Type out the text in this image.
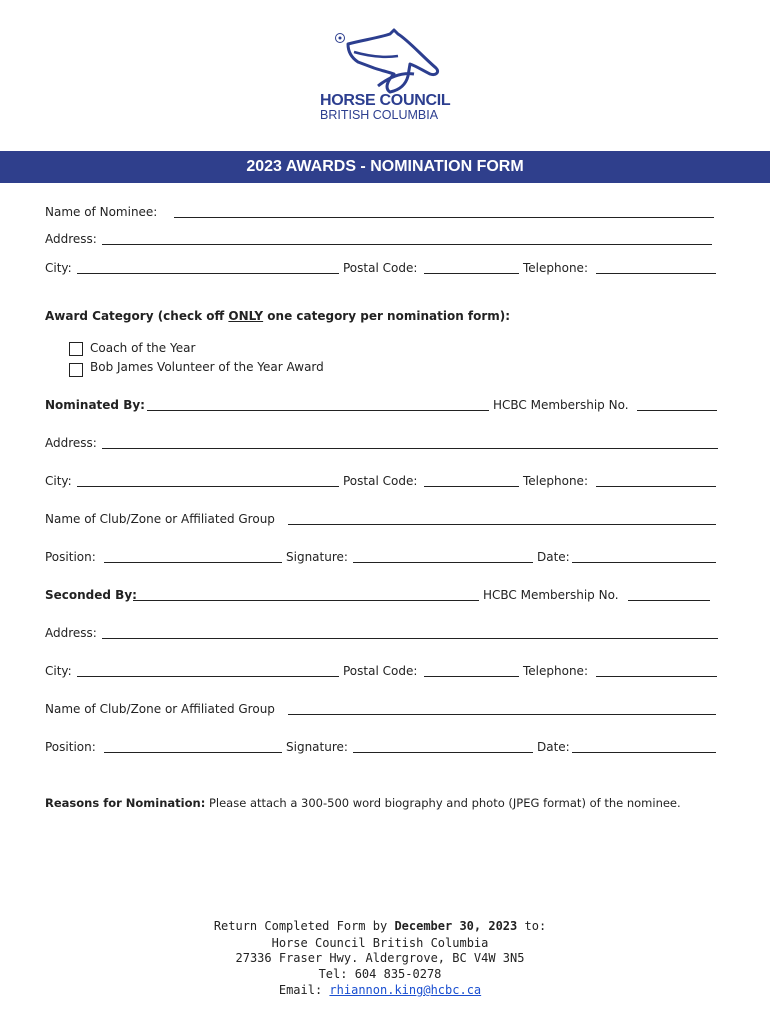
HORSE COUNCIL
BRITISH COLUMBIA
2023 AWARDS - NOMINATION FORM
Name of Nominee:
Address:
City:	Postal Code:	Telephone:
Award Category (check off ONLY one category per nomination form):
Coach of the Year
Bob James Volunteer of the Year Award
Nominated By:	HCBC Membership No.
Address:
City:	Postal Code:	Telephone:
Name of Club/Zone or Affiliated Group
Position:	Signature:	Date:
Seconded By:	HCBC Membership No.
Address:
City:	Postal Code:	Telephone:
Name of Club/Zone or Affiliated Group
Position:	Signature:	Date:
Reasons for Nomination: Please attach a 300-500 word biography and photo (JPEG format) of the nominee.
Return Completed Form by December 30, 2023 to:
Horse Council British Columbia
27336 Fraser Hwy. Aldergrove, BC V4W 3N5
Tel: 604 835-0278
Email: rhiannon.king@hcbc.ca
